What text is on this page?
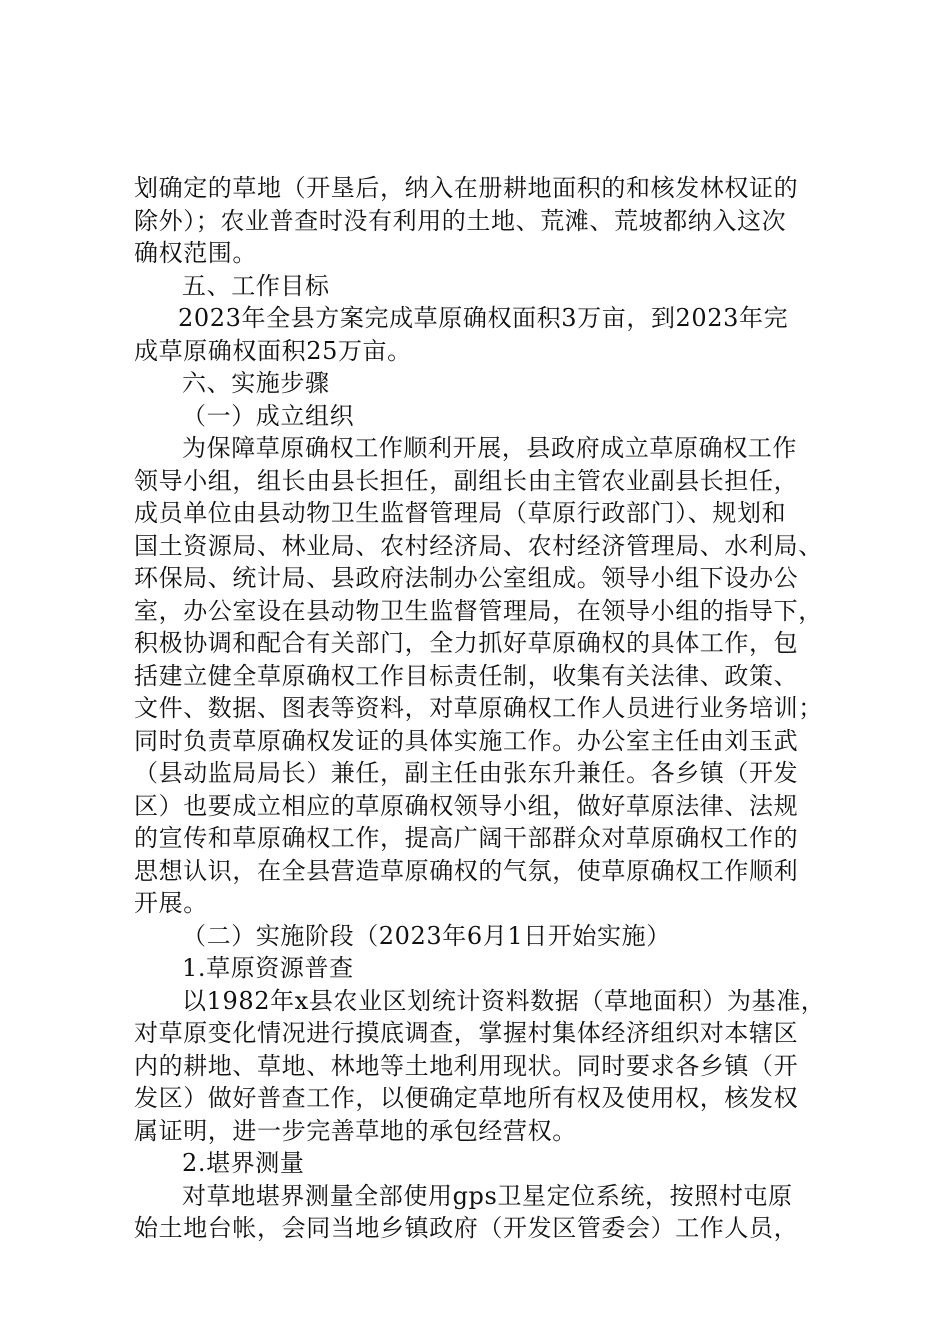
划确定的草地（开垦后，纳入在册耕地面积的和核发林权证的
除外）；农业普查时没有利用的土地、荒滩、荒坡都纳入这次
确权范围。
五、工作目标
2023年全县方案完成草原确权面积3万亩，到2023年完
成草原确权面积25万亩。
六、实施步骤
（一）成立组织
为保障草原确权工作顺利开展，县政府成立草原确权工作
领导小组，组长由县长担任，副组长由主管农业副县长担任，
成员单位由县动物卫生监督管理局（草原行政部门）、规划和
国土资源局、林业局、农村经济局、农村经济管理局、水利局、
环保局、统计局、县政府法制办公室组成。领导小组下设办公
室，办公室设在县动物卫生监督管理局，在领导小组的指导下，
积极协调和配合有关部门，全力抓好草原确权的具体工作，包
括建立健全草原确权工作目标责任制，收集有关法律、政策、
文件、数据、图表等资料，对草原确权工作人员进行业务培训；
同时负责草原确权发证的具体实施工作。办公室主任由刘玉武
（县动监局局长）兼任，副主任由张东升兼任。各乡镇（开发
区）也要成立相应的草原确权领导小组，做好草原法律、法规
的宣传和草原确权工作，提高广阔干部群众对草原确权工作的
思想认识，在全县营造草原确权的气氛，使草原确权工作顺利
开展。
（二）实施阶段（2023年6月1日开始实施）
1.草原资源普查
以1982年x县农业区划统计资料数据（草地面积）为基准，
对草原变化情况进行摸底调查，掌握村集体经济组织对本辖区
内的耕地、草地、林地等土地利用现状。同时要求各乡镇（开
发区）做好普查工作，以便确定草地所有权及使用权，核发权
属证明，进一步完善草地的承包经营权。
2.堪界测量
对草地堪界测量全部使用gps卫星定位系统，按照村屯原
始土地台帐，会同当地乡镇政府（开发区管委会）工作人员，
